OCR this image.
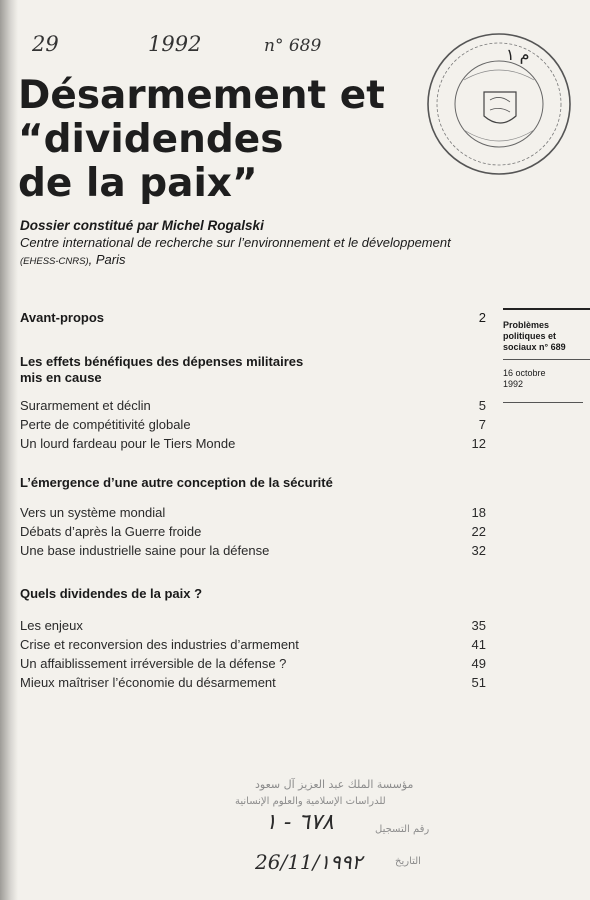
29	1992	n° 689	م ١
Désarmement et
“dividendes
de la paix”
Dossier constitué par Michel Rogalski
Centre international de recherche sur l’environnement et le développement
(EHESS-CNRS), Paris
Problèmes
politiques et
sociaux n° 689
16 octobre
1992
Avant-propos	2
Les effets bénéfiques des dépenses militaires
mis en cause
Surarmement et déclin	5
Perte de compétitivité globale	7
Un lourd fardeau pour le Tiers Monde	12
L’émergence d’une autre conception de la sécurité
Vers un système mondial	18
Débats d’après la Guerre froide	22
Une base industrielle saine pour la défense	32
Quels dividendes de la paix ?
Les enjeux	35
Crise et reconversion des industries d’armement	41
Un affaiblissement irréversible de la défense ?	49
Mieux maîtriser l’économie du désarmement	51
مؤسسة الملك عبد العزيز آل سعود
للدراسات الإسلامية والعلوم الإنسانية
رقم التسجيل
التاريخ
٦٧٨ - ١
26/11/١٩٩٢
